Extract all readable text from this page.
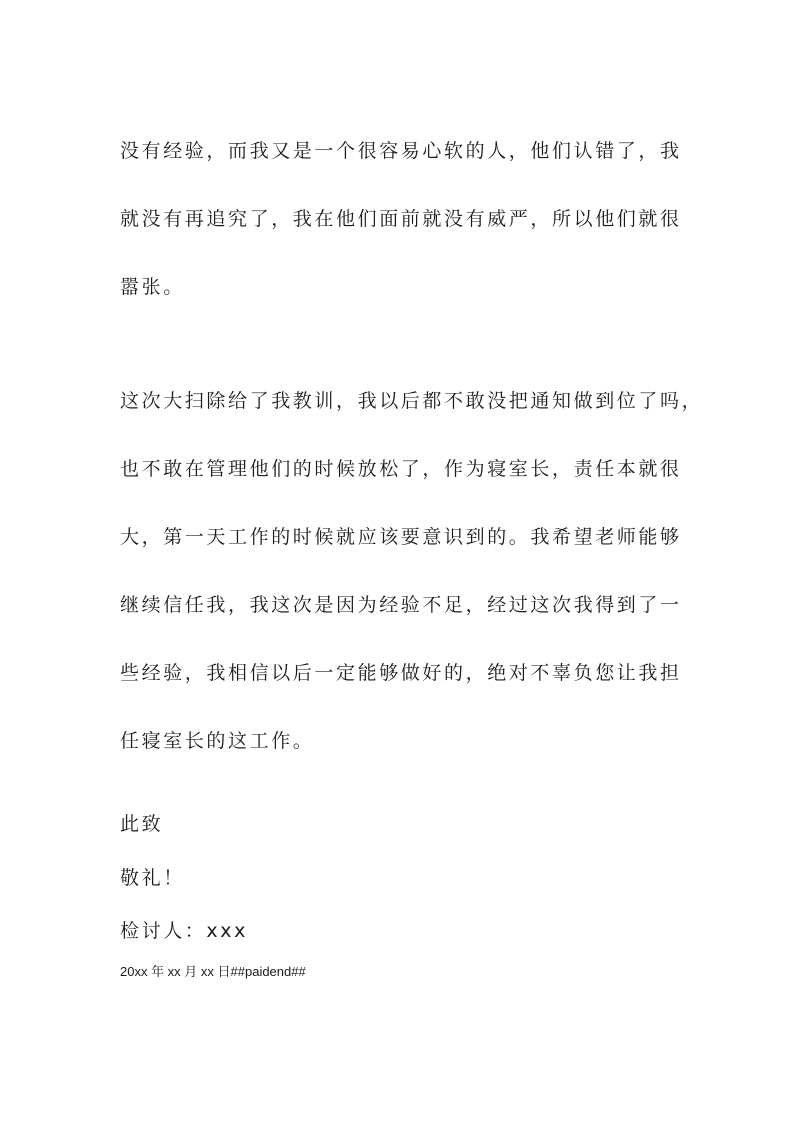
没有经验，而我又是一个很容易心软的人，他们认错了，我

就没有再追究了，我在他们面前就没有威严，所以他们就很

嚣张。

这次大扫除给了我教训，我以后都不敢没把通知做到位了吗，

也不敢在管理他们的时候放松了，作为寝室长，责任本就很

大，第一天工作的时候就应该要意识到的。我希望老师能够

继续信任我，我这次是因为经验不足，经过这次我得到了一

些经验，我相信以后一定能够做好的，绝对不辜负您让我担

任寝室长的这工作。

此致

敬礼！

检讨人：xxx
20xx 年 xx 月 xx 日##paidend##
